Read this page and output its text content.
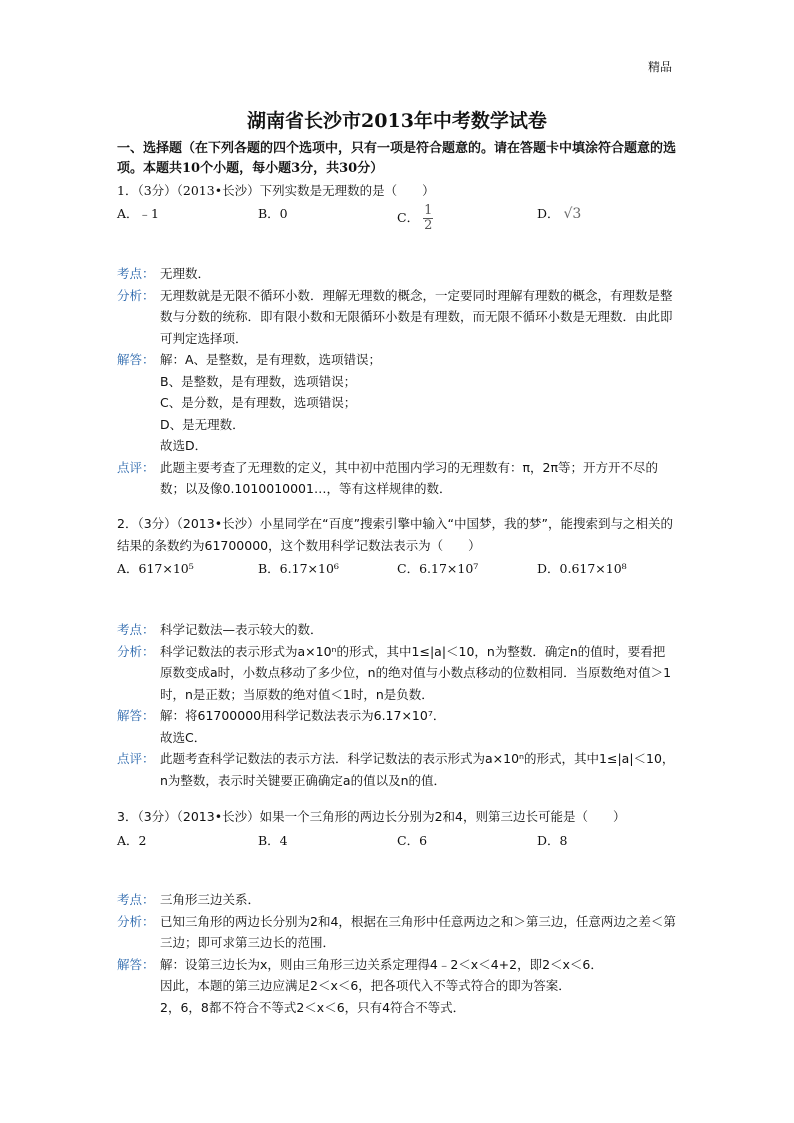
精品
湖南省长沙市2013年中考数学试卷
一、选择题（在下列各题的四个选项中，只有一项是符合题意的。请在答题卡中填涂符合题意的选项。本题共10个小题，每小题3分，共30分）
1．（3分）（2013•长沙）下列实数是无理数的是（　　）
A．﹣1	B．0	C． $\frac{1}{2}$	D． √3
考点： 无理数．
分析： 无理数就是无限不循环小数．理解无理数的概念，一定要同时理解有理数的概念，有理数是整数与分数的统称．即有限小数和无限循环小数是有理数，而无限不循环小数是无理数．由此即可判定选择项．
解答： 解：A、是整数，是有理数，选项错误；
B、是整数，是有理数，选项错误；
C、是分数，是有理数，选项错误；
D、是无理数．
故选D．
点评： 此题主要考查了无理数的定义，其中初中范围内学习的无理数有：π，2π等；开方开不尽的数；以及像0.1010010001…，等有这样规律的数．
2．（3分）（2013•长沙）小星同学在“百度”搜索引擎中输入“中国梦，我的梦”，能搜索到与之相关的结果的条数约为61700000，这个数用科学记数法表示为（　　）
A．617×10⁵	B．6.17×10⁶	C．6.17×10⁷	D．0.617×10⁸
考点： 科学记数法—表示较大的数．
分析： 科学记数法的表示形式为a×10ⁿ的形式，其中1≤|a|＜10，n为整数．确定n的值时，要看把原数变成a时，小数点移动了多少位，n的绝对值与小数点移动的位数相同．当原数绝对值＞1时，n是正数；当原数的绝对值＜1时，n是负数．
解答： 解：将61700000用科学记数法表示为6.17×10⁷．
故选C．
点评： 此题考查科学记数法的表示方法．科学记数法的表示形式为a×10ⁿ的形式，其中1≤|a|＜10，n为整数，表示时关键要正确确定a的值以及n的值．
3．（3分）（2013•长沙）如果一个三角形的两边长分别为2和4，则第三边长可能是（　　）
A．2	B．4	C．6	D．8
考点： 三角形三边关系．
分析： 已知三角形的两边长分别为2和4，根据在三角形中任意两边之和＞第三边，任意两边之差＜第三边；即可求第三边长的范围．
解答： 解：设第三边长为x，则由三角形三边关系定理得4﹣2＜x＜4+2，即2＜x＜6．
因此，本题的第三边应满足2＜x＜6，把各项代入不等式符合的即为答案．
2，6，8都不符合不等式2＜x＜6，只有4符合不等式．
